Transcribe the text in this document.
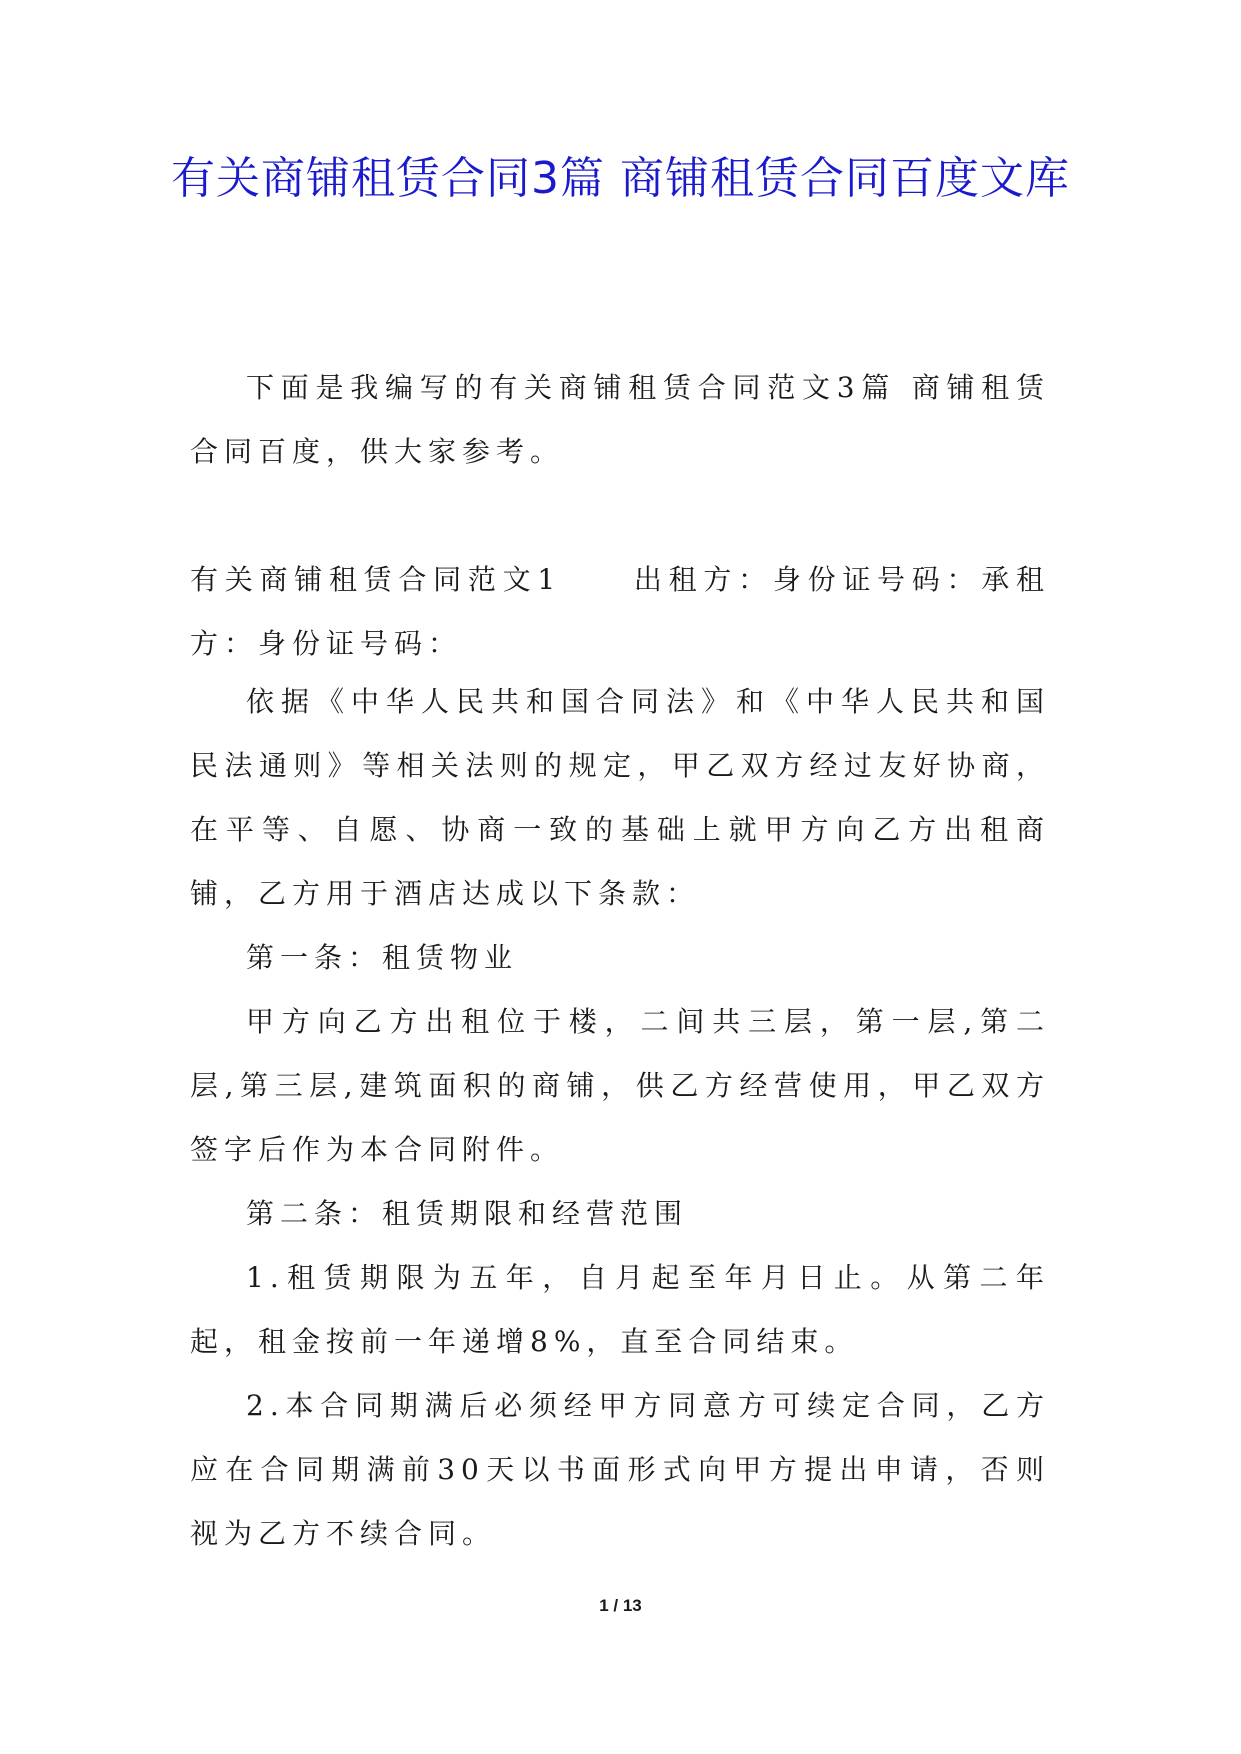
有关商铺租赁合同3篇 商铺租赁合同百度文库

下面是我编写的有关商铺租赁合同范文3篇 商铺租赁合同百度，供大家参考。

有关商铺租赁合同范文1	出租方：身份证号码：承租方：身份证号码：

依据《中华人民共和国合同法》和《中华人民共和国民法通则》等相关法则的规定，甲乙双方经过友好协商，在平等、自愿、协商一致的基础上就甲方向乙方出租商铺，乙方用于酒店达成以下条款：

第一条：租赁物业

甲方向乙方出租位于楼，二间共三层，第一层,第二层,第三层,建筑面积的商铺，供乙方经营使用，甲乙双方签字后作为本合同附件。

第二条：租赁期限和经营范围

1.租赁期限为五年，自月起至年月日止。从第二年起，租金按前一年递增8%，直至合同结束。

2.本合同期满后必须经甲方同意方可续定合同，乙方应在合同期满前30天以书面形式向甲方提出申请，否则视为乙方不续合同。

1 / 13
